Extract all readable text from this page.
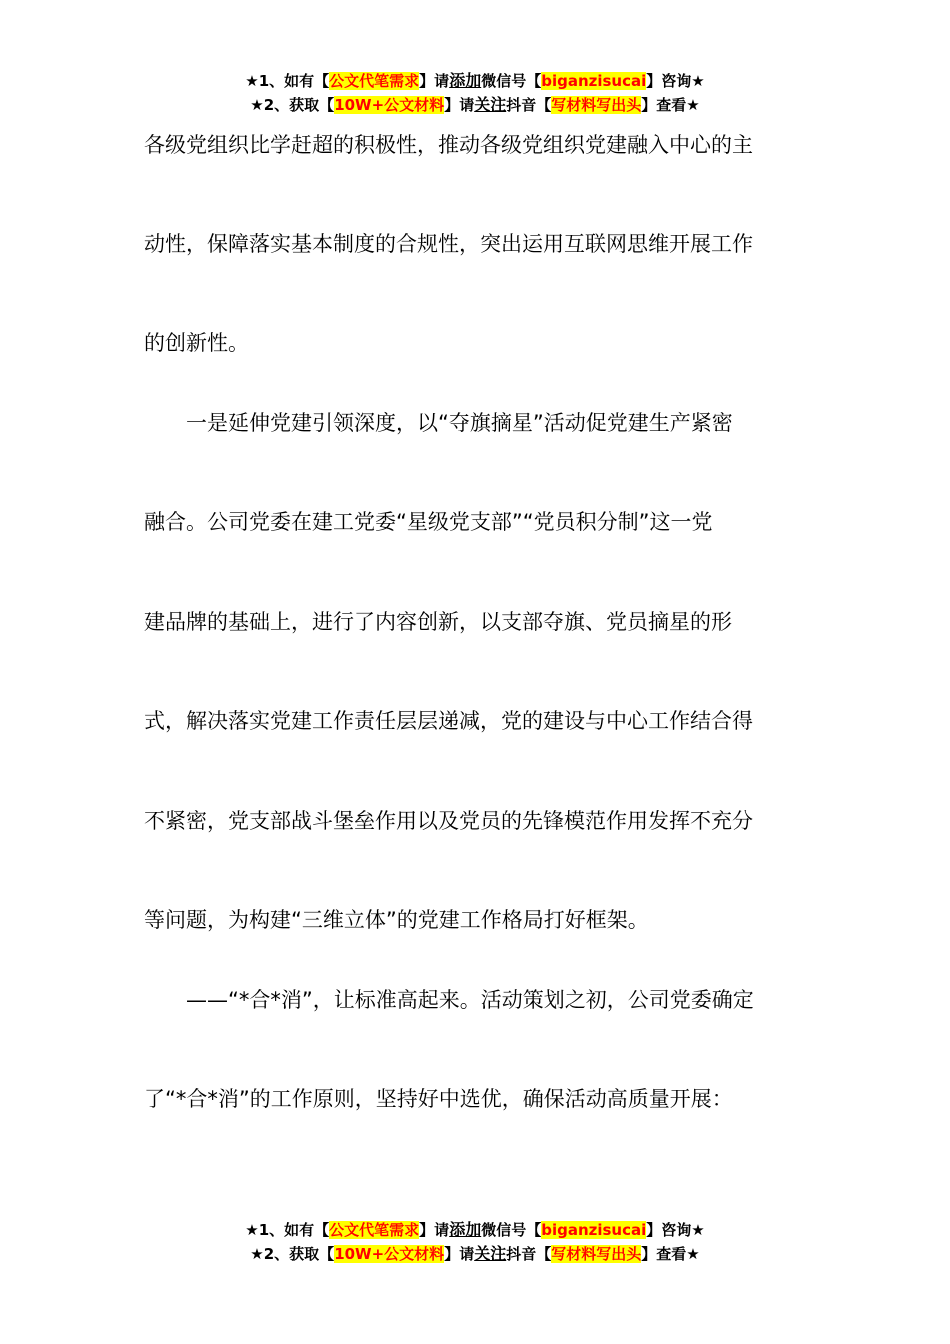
★1、如有【公文代笔需求】请添加微信号【biganzisucai】咨询★
★2、获取【10W+公文材料】请关注抖音【写材料写出头】查看★
各级党组织比学赶超的积极性，推动各级党组织党建融入中心的主
动性，保障落实基本制度的合规性，突出运用互联网思维开展工作
的创新性。
　　一是延伸党建引领深度，以“夺旗摘星”活动促党建生产紧密
融合。公司党委在建工党委“星级党支部”“党员积分制”这一党
建品牌的基础上，进行了内容创新，以支部夺旗、党员摘星的形
式，解决落实党建工作责任层层递减，党的建设与中心工作结合得
不紧密，党支部战斗堡垒作用以及党员的先锋模范作用发挥不充分
等问题，为构建“三维立体”的党建工作格局打好框架。
　　——“*合*消”，让标准高起来。活动策划之初，公司党委确定
了“*合*消”的工作原则，坚持好中选优，确保活动高质量开展：
★1、如有【公文代笔需求】请添加微信号【biganzisucai】咨询★
★2、获取【10W+公文材料】请关注抖音【写材料写出头】查看★
